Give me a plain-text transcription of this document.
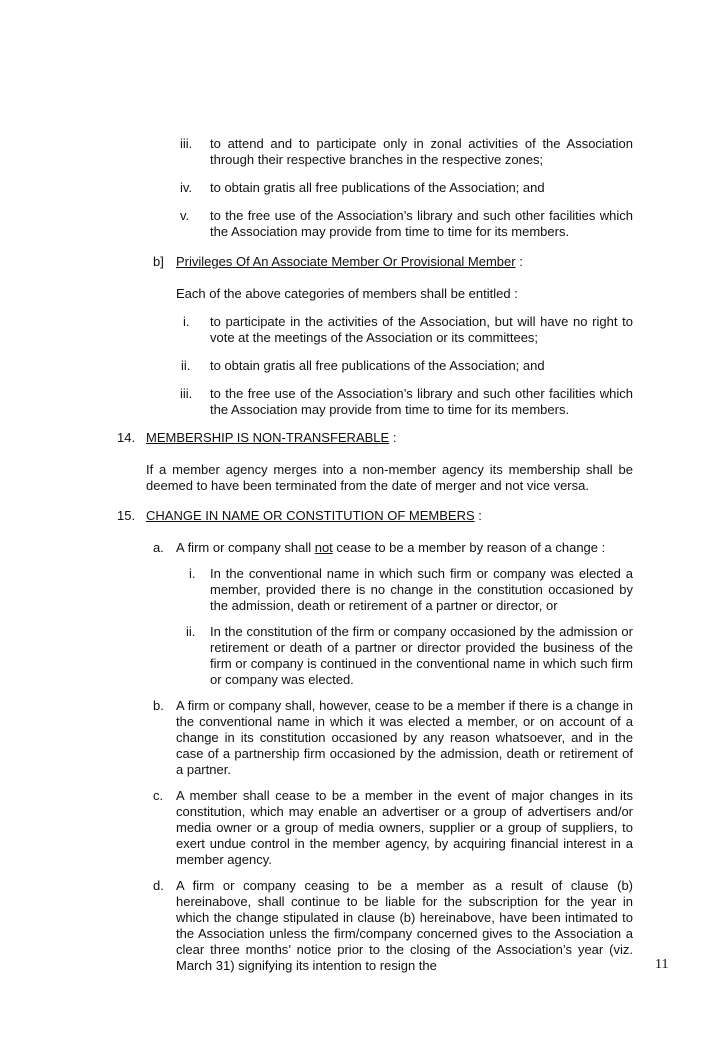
iii. to attend and to participate only in zonal activities of the Association through their respective branches in the respective zones;
iv. to obtain gratis all free publications of the Association; and
v. to the free use of the Association’s library and such other facilities which the Association may provide from time to time for its members.
b] Privileges Of An Associate Member Or Provisional Member :
Each of the above categories of members shall be entitled :
i. to participate in the activities of the Association, but will have no right to vote at the meetings of the Association or its committees;
ii. to obtain gratis all free publications of the Association; and
iii. to the free use of the Association’s library and such other facilities which the Association may provide from time to time for its members.
14. MEMBERSHIP IS NON-TRANSFERABLE :
If a member agency merges into a non-member agency its membership shall be deemed to have been terminated from the date of merger and not vice versa.
15. CHANGE IN NAME OR CONSTITUTION OF MEMBERS :
a. A firm or company shall not cease to be a member by reason of a change :
i. In the conventional name in which such firm or company was elected a member, provided there is no change in the constitution occasioned by the admission, death or retirement of a partner or director, or
ii. In the constitution of the firm or company occasioned by the admission or retirement or death of a partner or director provided the business of the firm or company is continued in the conventional name in which such firm or company was elected.
b. A firm or company shall, however, cease to be a member if there is a change in the conventional name in which it was elected a member, or on account of a change in its constitution occasioned by any reason whatsoever, and in the case of a partnership firm occasioned by the admission, death or retirement of a partner.
c. A member shall cease to be a member in the event of major changes in its constitution, which may enable an advertiser or a group of advertisers and/or media owner or a group of media owners, supplier or a group of suppliers, to exert undue control in the member agency, by acquiring financial interest in a member agency.
d. A firm or company ceasing to be a member as a result of clause (b) hereinabove, shall continue to be liable for the subscription for the year in which the change stipulated in clause (b) hereinabove, have been intimated to the Association unless the firm/company concerned gives to the Association a clear three months’ notice prior to the closing of the Association’s year (viz. March 31) signifying its intention to resign the	11
